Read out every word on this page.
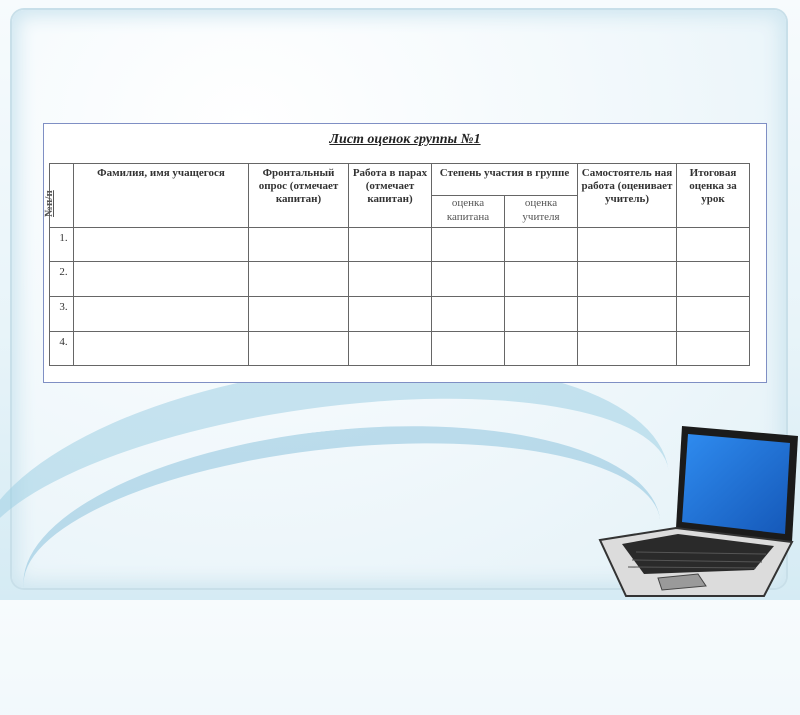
Лист оценок группы №1
№п/п	Фамилия, имя учащегося	Фронтальный опрос (отмечает капитан)	Работа в парах (отмечает капитан)	Степень участия в группе		Самостоятель ная работа (оценивает учитель)	Итоговая оценка за урок
				оценка капитана	оценка учителя		
1.							
2.							
3.							
4.							
